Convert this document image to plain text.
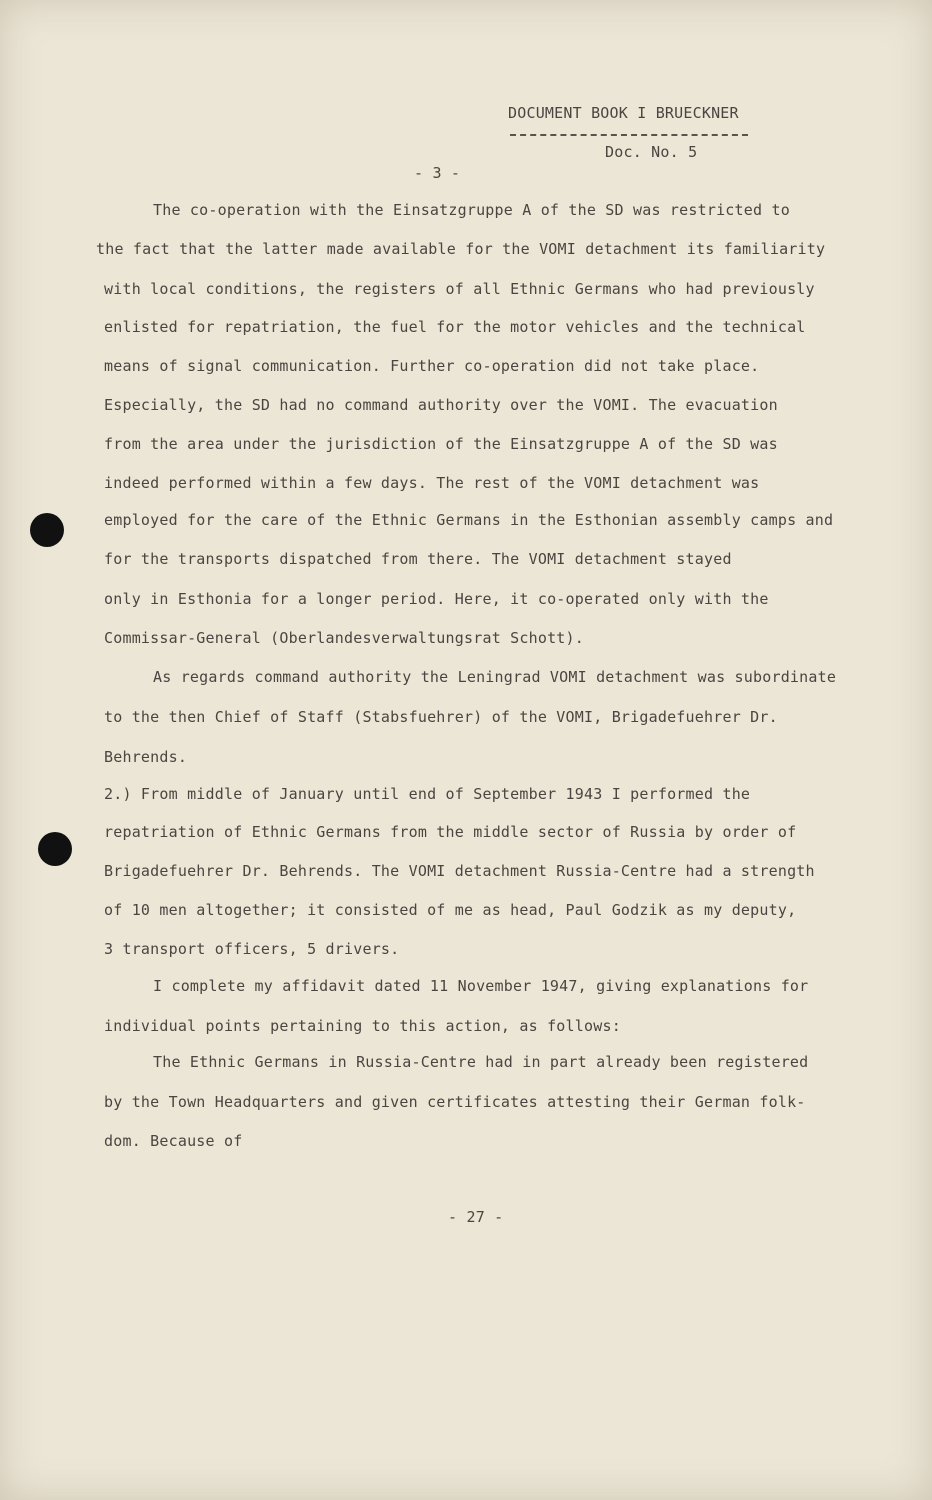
DOCUMENT BOOK I BRUECKNER
Doc. No. 5
- 3 -
The co-operation with the Einsatzgruppe A of the SD was restricted to
the fact that the latter made available for the VOMI detachment its familiarity
with local conditions, the registers of all Ethnic Germans who had previously
enlisted for repatriation, the fuel for the motor vehicles and the technical
means of signal communication. Further co-operation did not take place.
Especially, the SD had no command authority over the VOMI. The evacuation
from the area under the jurisdiction of the Einsatzgruppe A of the SD was
indeed performed within a few days. The rest of the VOMI detachment was
employed for the care of the Ethnic Germans in the Esthonian assembly camps and
for the transports dispatched from there. The VOMI detachment stayed
only in Esthonia for a longer period. Here, it co-operated only with the
Commissar-General (Oberlandesverwaltungsrat Schott).
As regards command authority the Leningrad VOMI detachment was subordinate
to the then Chief of Staff (Stabsfuehrer) of the VOMI, Brigadefuehrer Dr.
Behrends.
2.) From middle of January until end of September 1943 I performed the
repatriation of Ethnic Germans from the middle sector of Russia by order of
Brigadefuehrer Dr. Behrends. The VOMI detachment Russia-Centre had a strength
of 10 men altogether; it consisted of me as head, Paul Godzik as my deputy,
3 transport officers, 5 drivers.
I complete my affidavit dated 11 November 1947, giving explanations for
individual points pertaining to this action, as follows:
The Ethnic Germans in Russia-Centre had in part already been registered
by the Town Headquarters and given certificates attesting their German folk-
dom. Because of
- 27 -
